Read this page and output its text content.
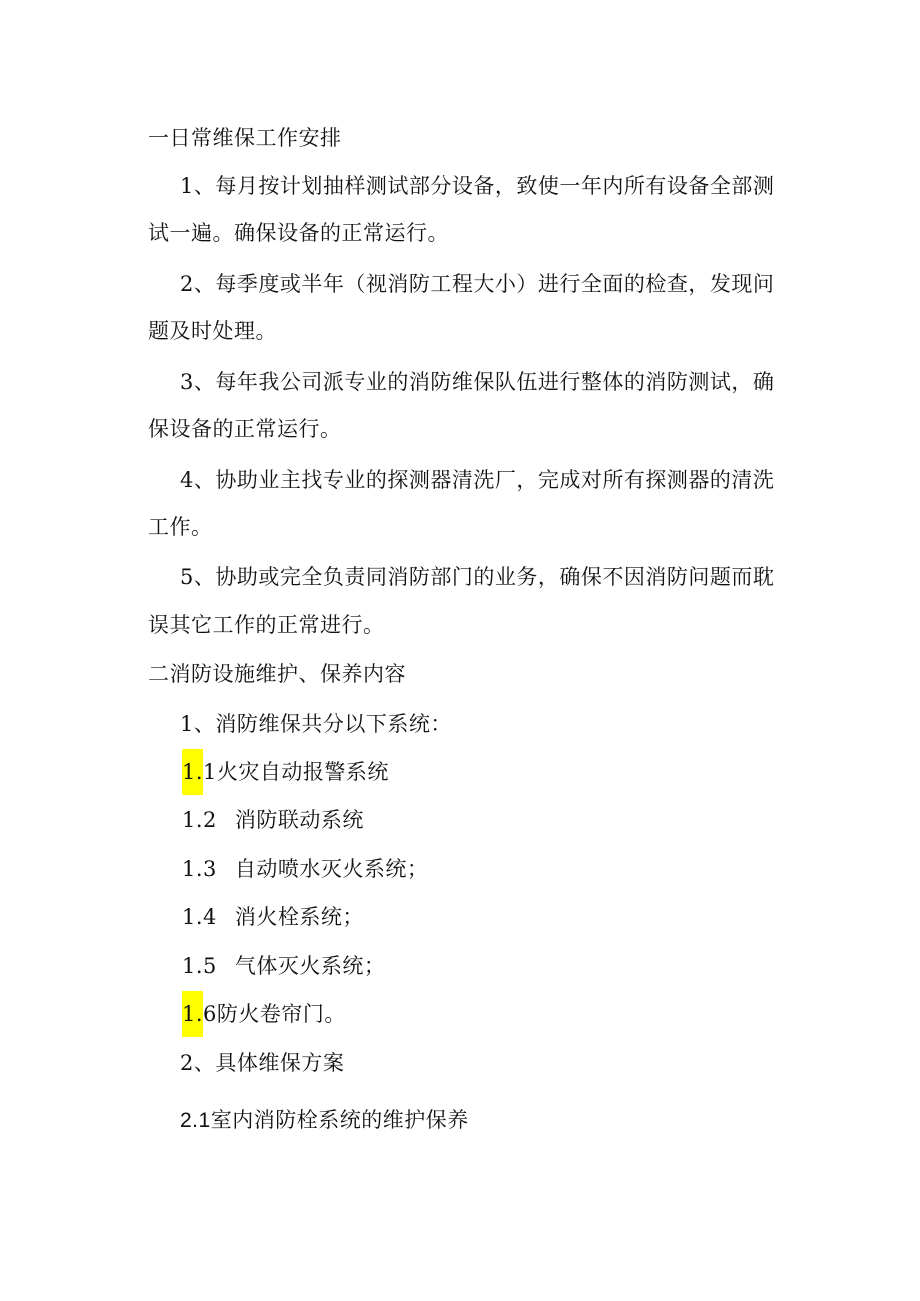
一日常维保工作安排
1、每月按计划抽样测试部分设备，致使一年内所有设备全部测
试一遍。确保设备的正常运行。
2、每季度或半年（视消防工程大小）进行全面的检查，发现问
题及时处理。
3、每年我公司派专业的消防维保队伍进行整体的消防测试，确
保设备的正常运行。
4、协助业主找专业的探测器清洗厂，完成对所有探测器的清洗
工作。
5、协助或完全负责同消防部门的业务，确保不因消防问题而耽
误其它工作的正常进行。
二消防设施维护、保养内容
1、消防维保共分以下系统：
1.1火灾自动报警系统
1.2 消防联动系统
1.3 自动喷水灭火系统；
1.4 消火栓系统；
1.5 气体灭火系统；
1.6防火卷帘门。
2、具体维保方案
2.1室内消防栓系统的维护保养
